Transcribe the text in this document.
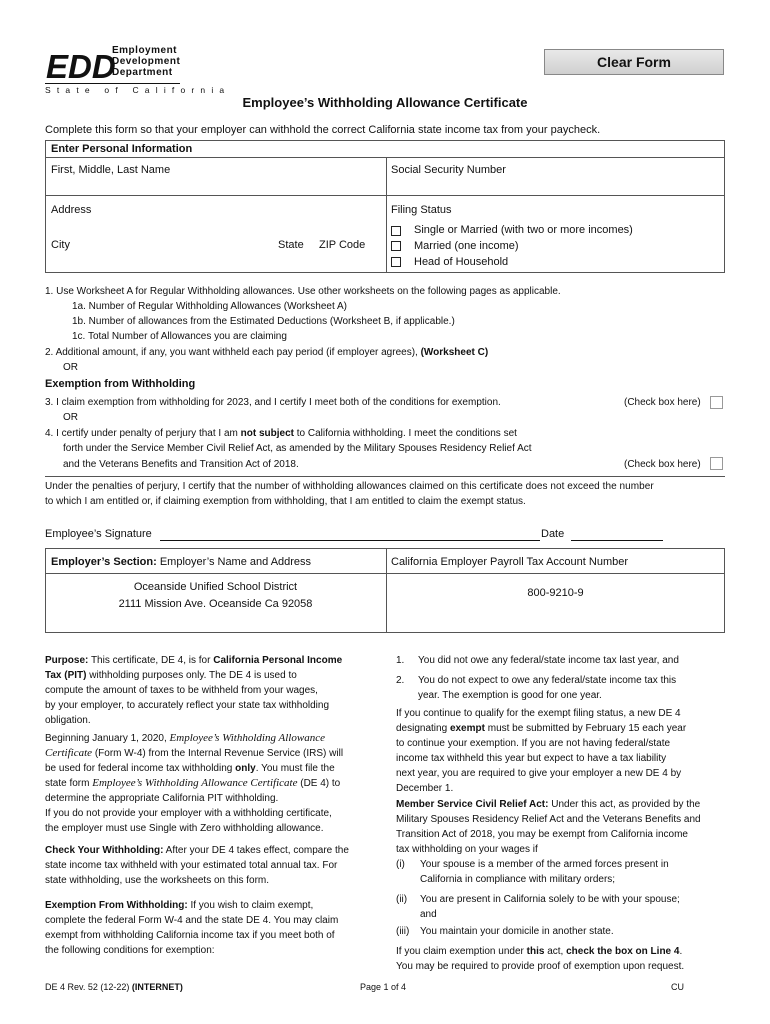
EDD
Employment
Development
Department
State of California
Clear Form
Employee’s Withholding Allowance Certificate
Complete this form so that your employer can withhold the correct California state income tax from your paycheck.
Enter Personal Information
First, Middle, Last Name	Social Security Number
Address	Filing Status
City	State ZIP Code
Single or Married (with two or more incomes)
Married (one income)
Head of Household
1. Use Worksheet A for Regular Withholding allowances. Use other worksheets on the following pages as applicable.
1a. Number of Regular Withholding Allowances (Worksheet A)
1b. Number of allowances from the Estimated Deductions (Worksheet B, if applicable.)
1c. Total Number of Allowances you are claiming
2. Additional amount, if any, you want withheld each pay period (if employer agrees), (Worksheet C)
OR
Exemption from Withholding
3. I claim exemption from withholding for 2023, and I certify I meet both of the conditions for exemption.	(Check box here)
OR
4. I certify under penalty of perjury that I am not subject to California withholding. I meet the conditions set
forth under the Service Member Civil Relief Act, as amended by the Military Spouses Residency Relief Act
and the Veterans Benefits and Transition Act of 2018.	(Check box here)
Under the penalties of perjury, I certify that the number of withholding allowances claimed on this certificate does not exceed the number
to which I am entitled or, if claiming exemption from withholding, that I am entitled to claim the exempt status.
Employee’s Signature	Date
Employer’s Section: Employer’s Name and Address	California Employer Payroll Tax Account Number
Oceanside Unified School District
2111 Mission Ave. Oceanside Ca 92058
800-9210-9
Purpose: This certificate, DE 4, is for California Personal Income
Tax (PIT) withholding purposes only. The DE 4 is used to
compute the amount of taxes to be withheld from your wages,
by your employer, to accurately reflect your state tax withholding
obligation.
Beginning January 1, 2020, Employee’s Withholding Allowance
Certificate (Form W-4) from the Internal Revenue Service (IRS) will
be used for federal income tax withholding only. You must file the
state form Employee’s Withholding Allowance Certificate (DE 4) to
determine the appropriate California PIT withholding.
If you do not provide your employer with a withholding certificate,
the employer must use Single with Zero withholding allowance.
Check Your Withholding: After your DE 4 takes effect, compare the
state income tax withheld with your estimated total annual tax. For
state withholding, use the worksheets on this form.
Exemption From Withholding: If you wish to claim exempt,
complete the federal Form W-4 and the state DE 4. You may claim
exempt from withholding California income tax if you meet both of
the following conditions for exemption:
1. You did not owe any federal/state income tax last year, and
2. You do not expect to owe any federal/state income tax this
year. The exemption is good for one year.
If you continue to qualify for the exempt filing status, a new DE 4
designating exempt must be submitted by February 15 each year
to continue your exemption. If you are not having federal/state
income tax withheld this year but expect to have a tax liability
next year, you are required to give your employer a new DE 4 by
December 1.
Member Service Civil Relief Act: Under this act, as provided by the
Military Spouses Residency Relief Act and the Veterans Benefits and
Transition Act of 2018, you may be exempt from California income
tax withholding on your wages if
(i) Your spouse is a member of the armed forces present in
California in compliance with military orders;
(ii) You are present in California solely to be with your spouse;
and
(iii) You maintain your domicile in another state.
If you claim exemption under this act, check the box on Line 4.
You may be required to provide proof of exemption upon request.
DE 4 Rev. 52 (12-22) (INTERNET)	Page 1 of 4	CU
